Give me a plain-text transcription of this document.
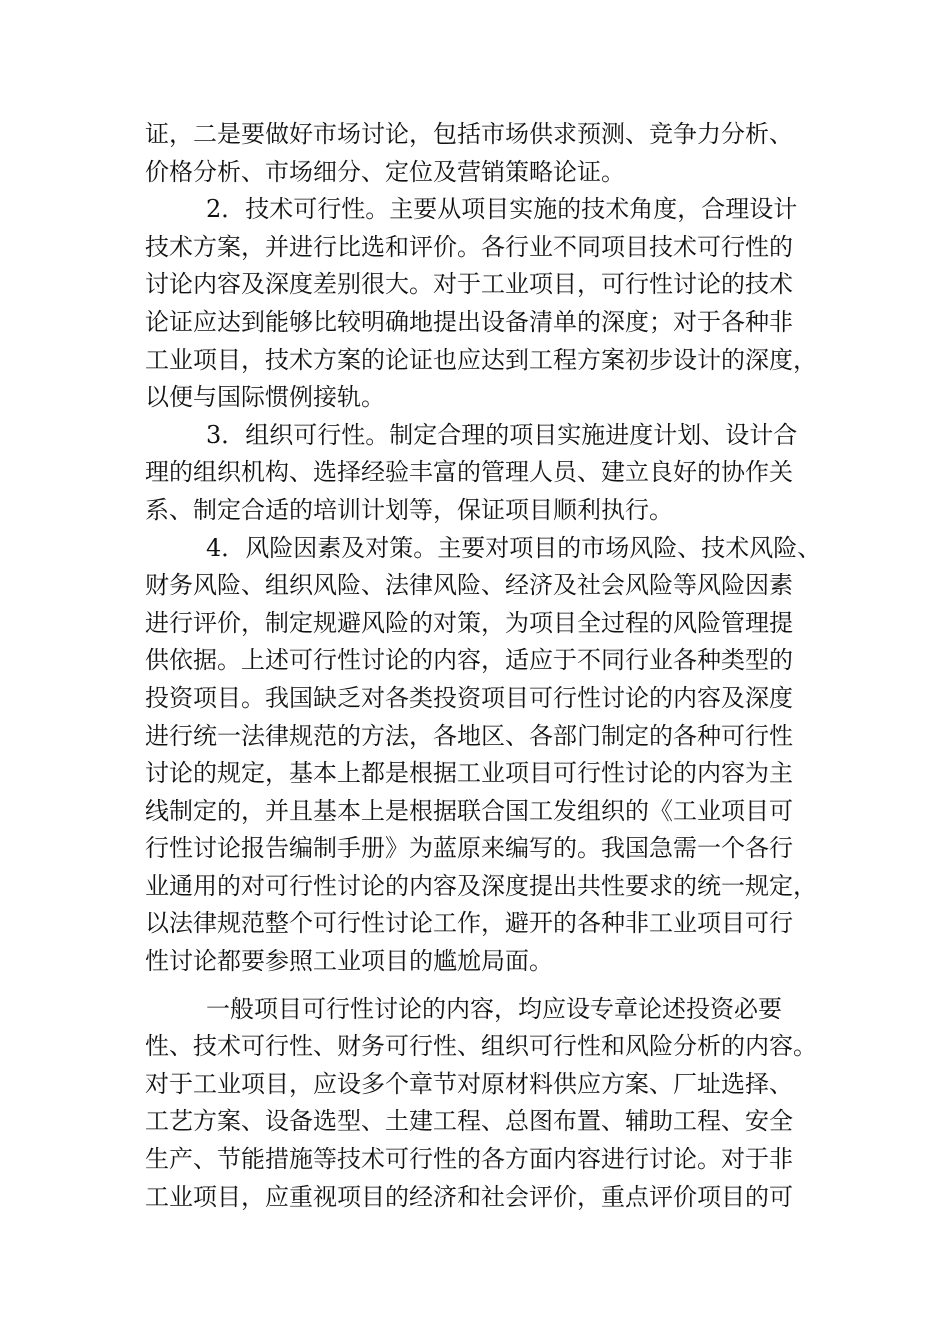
证，二是要做好市场讨论，包括市场供求预测、竞争力分析、
价格分析、市场细分、定位及营销策略论证。
2．技术可行性。主要从项目实施的技术角度，合理设计
技术方案，并进行比选和评价。各行业不同项目技术可行性的
讨论内容及深度差别很大。对于工业项目，可行性讨论的技术
论证应达到能够比较明确地提出设备清单的深度；对于各种非
工业项目，技术方案的论证也应达到工程方案初步设计的深度，
以便与国际惯例接轨。
3．组织可行性。制定合理的项目实施进度计划、设计合
理的组织机构、选择经验丰富的管理人员、建立良好的协作关
系、制定合适的培训计划等，保证项目顺利执行。
4．风险因素及对策。主要对项目的市场风险、技术风险、
财务风险、组织风险、法律风险、经济及社会风险等风险因素
进行评价，制定规避风险的对策，为项目全过程的风险管理提
供依据。上述可行性讨论的内容，适应于不同行业各种类型的
投资项目。我国缺乏对各类投资项目可行性讨论的内容及深度
进行统一法律规范的方法，各地区、各部门制定的各种可行性
讨论的规定，基本上都是根据工业项目可行性讨论的内容为主
线制定的，并且基本上是根据联合国工发组织的《工业项目可
行性讨论报告编制手册》为蓝原来编写的。我国急需一个各行
业通用的对可行性讨论的内容及深度提出共性要求的统一规定，
以法律规范整个可行性讨论工作，避开的各种非工业项目可行
性讨论都要参照工业项目的尴尬局面。
一般项目可行性讨论的内容，均应设专章论述投资必要
性、技术可行性、财务可行性、组织可行性和风险分析的内容。
对于工业项目，应设多个章节对原材料供应方案、厂址选择、
工艺方案、设备选型、土建工程、总图布置、辅助工程、安全
生产、节能措施等技术可行性的各方面内容进行讨论。对于非
工业项目，应重视项目的经济和社会评价，重点评价项目的可
